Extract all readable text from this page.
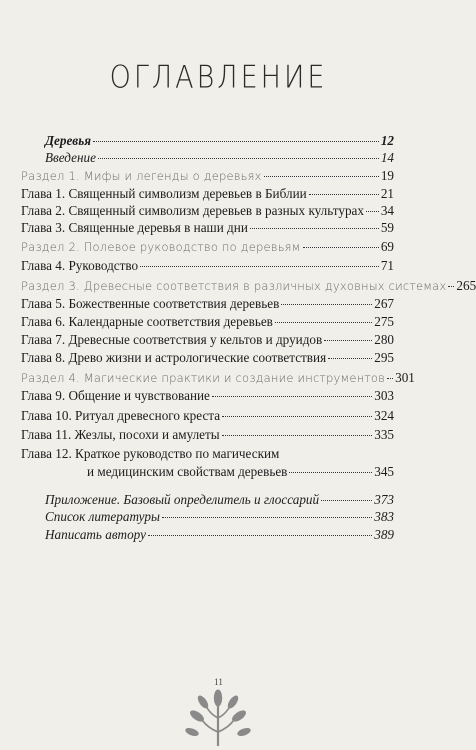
ОГЛАВЛЕНИЕ
Деревья	12
Введение	14
Раздел 1. Мифы и легенды о деревьях	19
Глава 1. Священный символизм деревьев в Библии	21
Глава 2. Священный символизм деревьев в разных культурах 34
Глава 3. Священные деревья в наши дни	59
Раздел 2. Полевое руководство по деревьям	69
Глава 4. Руководство	71
Раздел 3. Древесные соответствия в различных духовных системах 265
Глава 5. Божественные соответствия деревьев	267
Глава 6. Календарные соответствия деревьев	275
Глава 7. Древесные соответствия у кельтов и друидов	280
Глава 8. Древо жизни и астрологические соответствия	295
Раздел 4. Магические практики и создание инструментов 301
Глава 9. Общение и чувствование	303
Глава 10. Ритуал древесного креста	324
Глава 11. Жезлы, посохи и амулеты	335
Глава 12. Краткое руководство по магическим
и медицинским свойствам деревьев	345
Приложение. Базовый определитель и глоссарий	373
Список литературы	383
Написать автору	389
11
